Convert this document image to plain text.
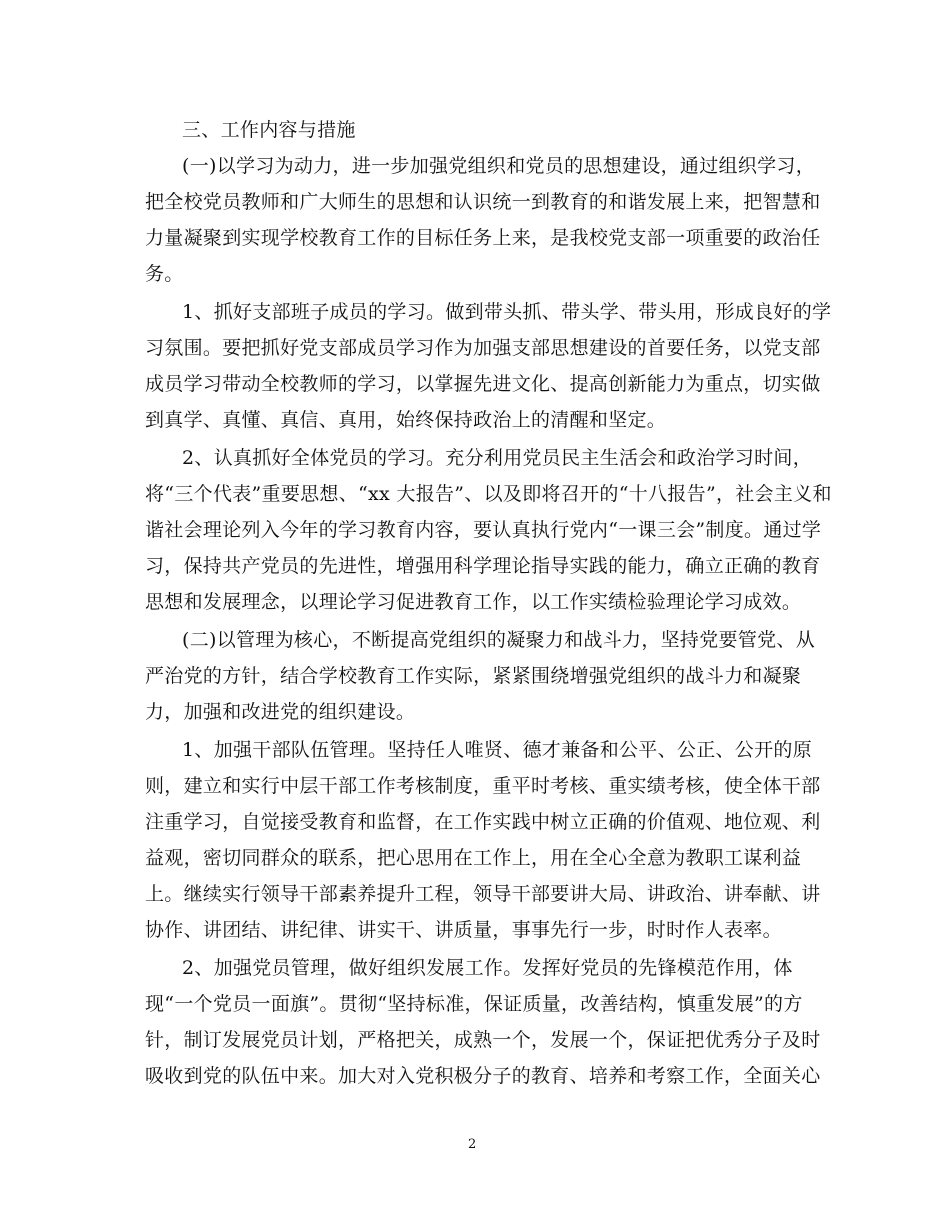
三、工作内容与措施
(一)以学习为动力，进一步加强党组织和党员的思想建设，通过组织学习，
把全校党员教师和广大师生的思想和认识统一到教育的和谐发展上来，把智慧和
力量凝聚到实现学校教育工作的目标任务上来，是我校党支部一项重要的政治任
务。
1、抓好支部班子成员的学习。做到带头抓、带头学、带头用，形成良好的学
习氛围。要把抓好党支部成员学习作为加强支部思想建设的首要任务，以党支部
成员学习带动全校教师的学习，以掌握先进文化、提高创新能力为重点，切实做
到真学、真懂、真信、真用，始终保持政治上的清醒和坚定。
2、认真抓好全体党员的学习。充分利用党员民主生活会和政治学习时间，
将“三个代表”重要思想、“xx 大报告”、以及即将召开的“十八报告”，社会主义和
谐社会理论列入今年的学习教育内容，要认真执行党内“一课三会”制度。通过学
习，保持共产党员的先进性，增强用科学理论指导实践的能力，确立正确的教育
思想和发展理念，以理论学习促进教育工作，以工作实绩检验理论学习成效。
(二)以管理为核心，不断提高党组织的凝聚力和战斗力，坚持党要管党、从
严治党的方针，结合学校教育工作实际，紧紧围绕增强党组织的战斗力和凝聚
力，加强和改进党的组织建设。
1、加强干部队伍管理。坚持任人唯贤、德才兼备和公平、公正、公开的原
则，建立和实行中层干部工作考核制度，重平时考核、重实绩考核，使全体干部
注重学习，自觉接受教育和监督，在工作实践中树立正确的价值观、地位观、利
益观，密切同群众的联系，把心思用在工作上，用在全心全意为教职工谋利益
上。继续实行领导干部素养提升工程，领导干部要讲大局、讲政治、讲奉献、讲
协作、讲团结、讲纪律、讲实干、讲质量，事事先行一步，时时作人表率。
2、加强党员管理，做好组织发展工作。发挥好党员的先锋模范作用，体
现“一个党员一面旗”。贯彻“坚持标准，保证质量，改善结构，慎重发展”的方
针，制订发展党员计划，严格把关，成熟一个，发展一个，保证把优秀分子及时
吸收到党的队伍中来。加大对入党积极分子的教育、培养和考察工作，全面关心
2
